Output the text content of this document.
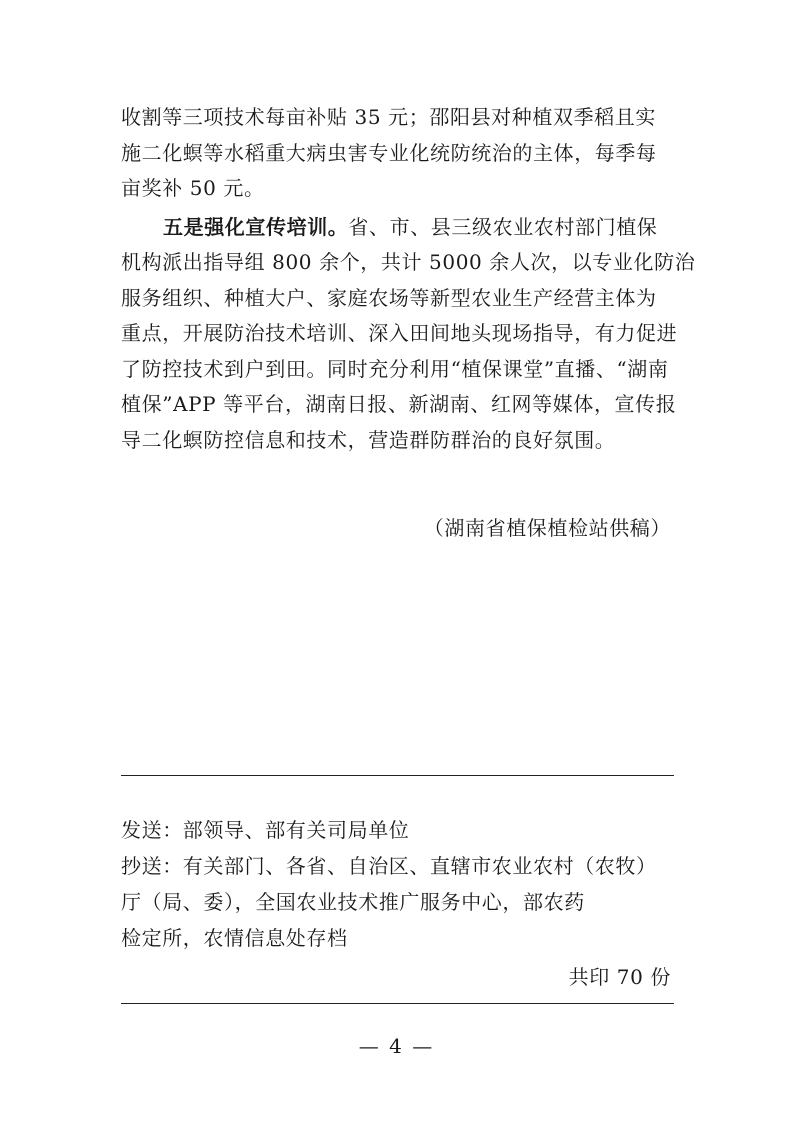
收割等三项技术每亩补贴 35 元；邵阳县对种植双季稻且实
施二化螟等水稻重大病虫害专业化统防统治的主体，每季每
亩奖补 50 元。
五是强化宣传培训。省、市、县三级农业农村部门植保
机构派出指导组 800 余个，共计 5000 余人次，以专业化防治
服务组织、种植大户、家庭农场等新型农业生产经营主体为
重点，开展防治技术培训、深入田间地头现场指导，有力促进
了防控技术到户到田。同时充分利用“植保课堂”直播、“湖南
植保”APP 等平台，湖南日报、新湖南、红网等媒体，宣传报
导二化螟防控信息和技术，营造群防群治的良好氛围。
（湖南省植保植检站供稿）
发送：部领导、部有关司局单位
抄送：有关部门、各省、自治区、直辖市农业农村（农牧）
厅（局、委），全国农业技术推广服务中心，部农药
检定所，农情信息处存档
共印 70 份
— 4 —
